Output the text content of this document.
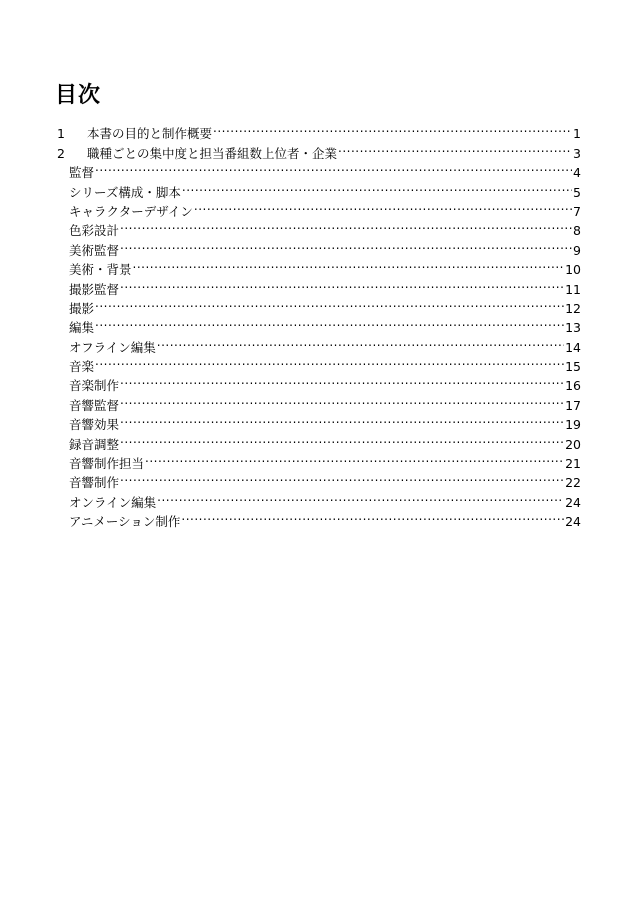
目次
1	本書の目的と制作概要 .....	1
2	職種ごとの集中度と担当番組数上位者・企業 .....	3
監督 .....	4
シリーズ構成・脚本 .....	5
キャラクターデザイン .....	7
色彩設計 .....	8
美術監督 .....	9
美術・背景 .....	10
撮影監督 .....	11
撮影 .....	12
編集 .....	13
オフライン編集 .....	14
音楽 .....	15
音楽制作 .....	16
音響監督 .....	17
音響効果 .....	19
録音調整 .....	20
音響制作担当 .....	21
音響制作 .....	22
オンライン編集 .....	24
アニメーション制作 .....	24
